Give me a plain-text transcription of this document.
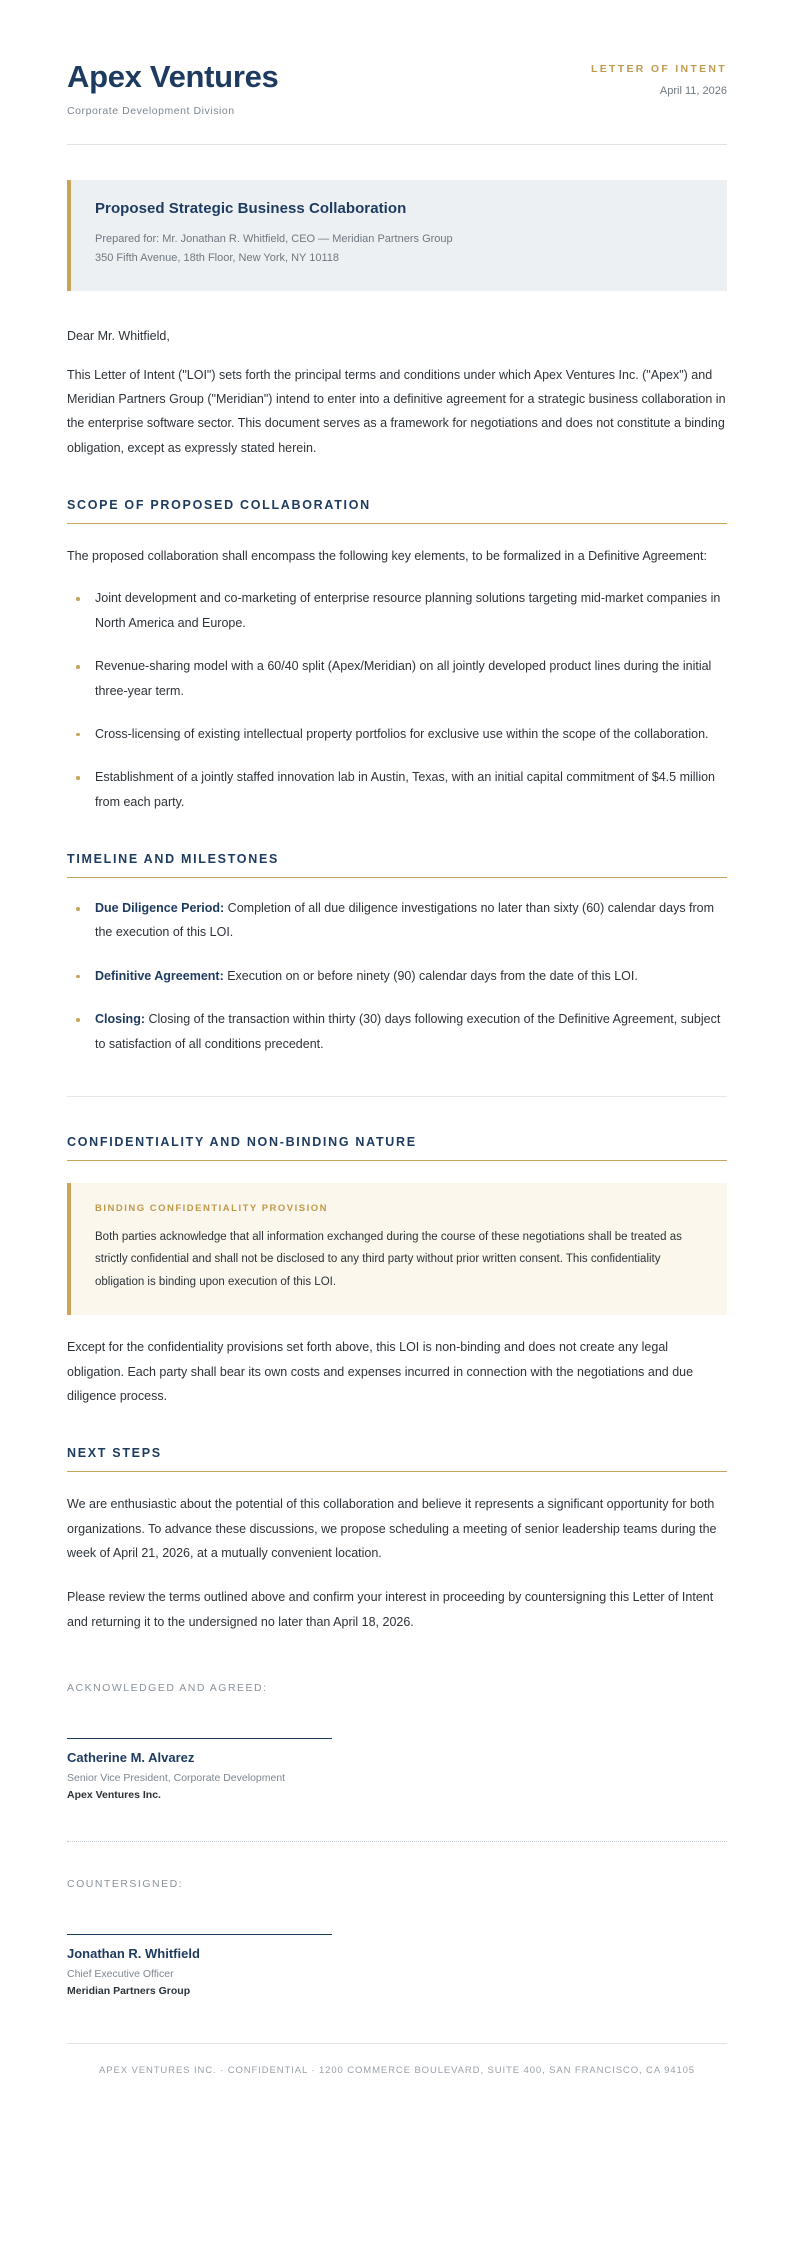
Apex Ventures
Corporate Development Division
LETTER OF INTENT
April 11, 2026
Proposed Strategic Business Collaboration
Prepared for: Mr. Jonathan R. Whitfield, CEO — Meridian Partners Group
350 Fifth Avenue, 18th Floor, New York, NY 10118
Dear Mr. Whitfield,

This Letter of Intent ("LOI") sets forth the principal terms and conditions under which Apex Ventures Inc. ("Apex") and Meridian Partners Group ("Meridian") intend to enter into a definitive agreement for a strategic business collaboration in the enterprise software sector. This document serves as a framework for negotiations and does not constitute a binding obligation, except as expressly stated herein.

SCOPE OF PROPOSED COLLABORATION

The proposed collaboration shall encompass the following key elements, to be formalized in a Definitive Agreement:

Joint development and co-marketing of enterprise resource planning solutions targeting mid-market companies in North America and Europe.
Revenue-sharing model with a 60/40 split (Apex/Meridian) on all jointly developed product lines during the initial three-year term.
Cross-licensing of existing intellectual property portfolios for exclusive use within the scope of the collaboration.
Establishment of a jointly staffed innovation lab in Austin, Texas, with an initial capital commitment of $4.5 million from each party.
TIMELINE AND MILESTONES
Due Diligence Period: Completion of all due diligence investigations no later than sixty (60) calendar days from the execution of this LOI.
Definitive Agreement: Execution on or before ninety (90) calendar days from the date of this LOI.
Closing: Closing of the transaction within thirty (30) days following execution of the Definitive Agreement, subject to satisfaction of all conditions precedent.
CONFIDENTIALITY AND NON-BINDING NATURE
BINDING CONFIDENTIALITY PROVISION

Both parties acknowledge that all information exchanged during the course of these negotiations shall be treated as strictly confidential and shall not be disclosed to any third party without prior written consent. This confidentiality obligation is binding upon execution of this LOI.

Except for the confidentiality provisions set forth above, this LOI is non-binding and does not create any legal obligation. Each party shall bear its own costs and expenses incurred in connection with the negotiations and due diligence process.

NEXT STEPS

We are enthusiastic about the potential of this collaboration and believe it represents a significant opportunity for both organizations. To advance these discussions, we propose scheduling a meeting of senior leadership teams during the week of April 21, 2026, at a mutually convenient location.

Please review the terms outlined above and confirm your interest in proceeding by countersigning this Letter of Intent and returning it to the undersigned no later than April 18, 2026.

ACKNOWLEDGED AND AGREED:
Catherine M. Alvarez
Senior Vice President, Corporate Development
Apex Ventures Inc.
COUNTERSIGNED:
Jonathan R. Whitfield
Chief Executive Officer
Meridian Partners Group
APEX VENTURES INC. · CONFIDENTIAL · 1200 COMMERCE BOULEVARD, SUITE 400, SAN FRANCISCO, CA 94105
